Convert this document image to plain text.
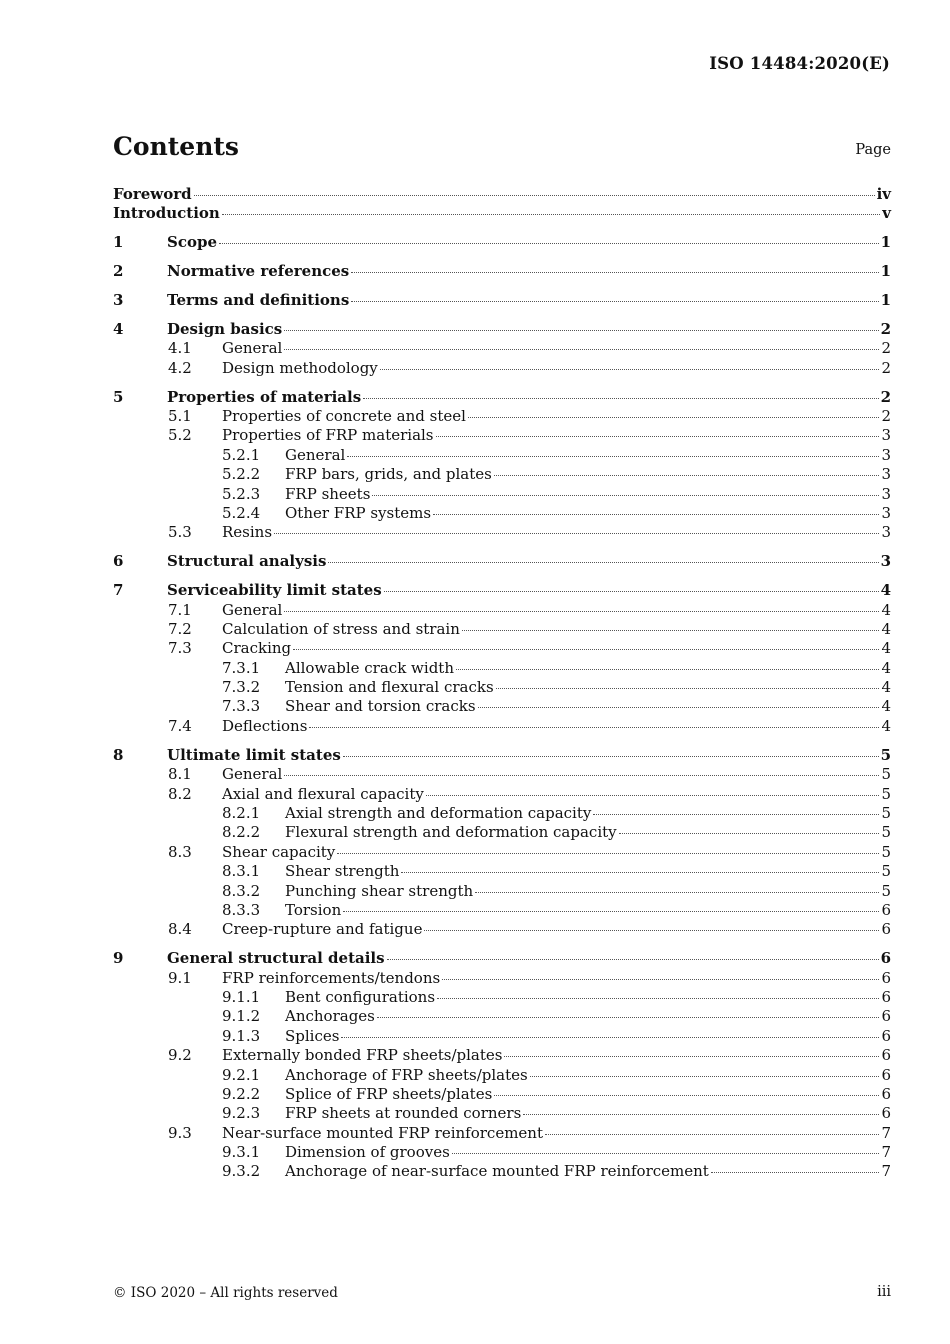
ISO 14484:2020(E)
Contents	Page
Foreword	iv
Introduction	v
1	Scope	1
2	Normative references	1
3	Terms and definitions	1
4	Design basics	2
4.1	General	2
4.2	Design methodology	2
5	Properties of materials	2
5.1	Properties of concrete and steel	2
5.2	Properties of FRP materials	3
5.2.1	General	3
5.2.2	FRP bars, grids, and plates	3
5.2.3	FRP sheets	3
5.2.4	Other FRP systems	3
5.3	Resins	3
6	Structural analysis	3
7	Serviceability limit states	4
7.1	General	4
7.2	Calculation of stress and strain	4
7.3	Cracking	4
7.3.1	Allowable crack width	4
7.3.2	Tension and flexural cracks	4
7.3.3	Shear and torsion cracks	4
7.4	Deflections	4
8	Ultimate limit states	5
8.1	General	5
8.2	Axial and flexural capacity	5
8.2.1	Axial strength and deformation capacity	5
8.2.2	Flexural strength and deformation capacity	5
8.3	Shear capacity	5
8.3.1	Shear strength	5
8.3.2	Punching shear strength	5
8.3.3	Torsion	6
8.4	Creep-rupture and fatigue	6
9	General structural details	6
9.1	FRP reinforcements/tendons	6
9.1.1	Bent configurations	6
9.1.2	Anchorages	6
9.1.3	Splices	6
9.2	Externally bonded FRP sheets/plates	6
9.2.1	Anchorage of FRP sheets/plates	6
9.2.2	Splice of FRP sheets/plates	6
9.2.3	FRP sheets at rounded corners	6
9.3	Near-surface mounted FRP reinforcement	7
9.3.1	Dimension of grooves	7
9.3.2	Anchorage of near-surface mounted FRP reinforcement	7
© ISO 2020 – All rights reserved	iii
